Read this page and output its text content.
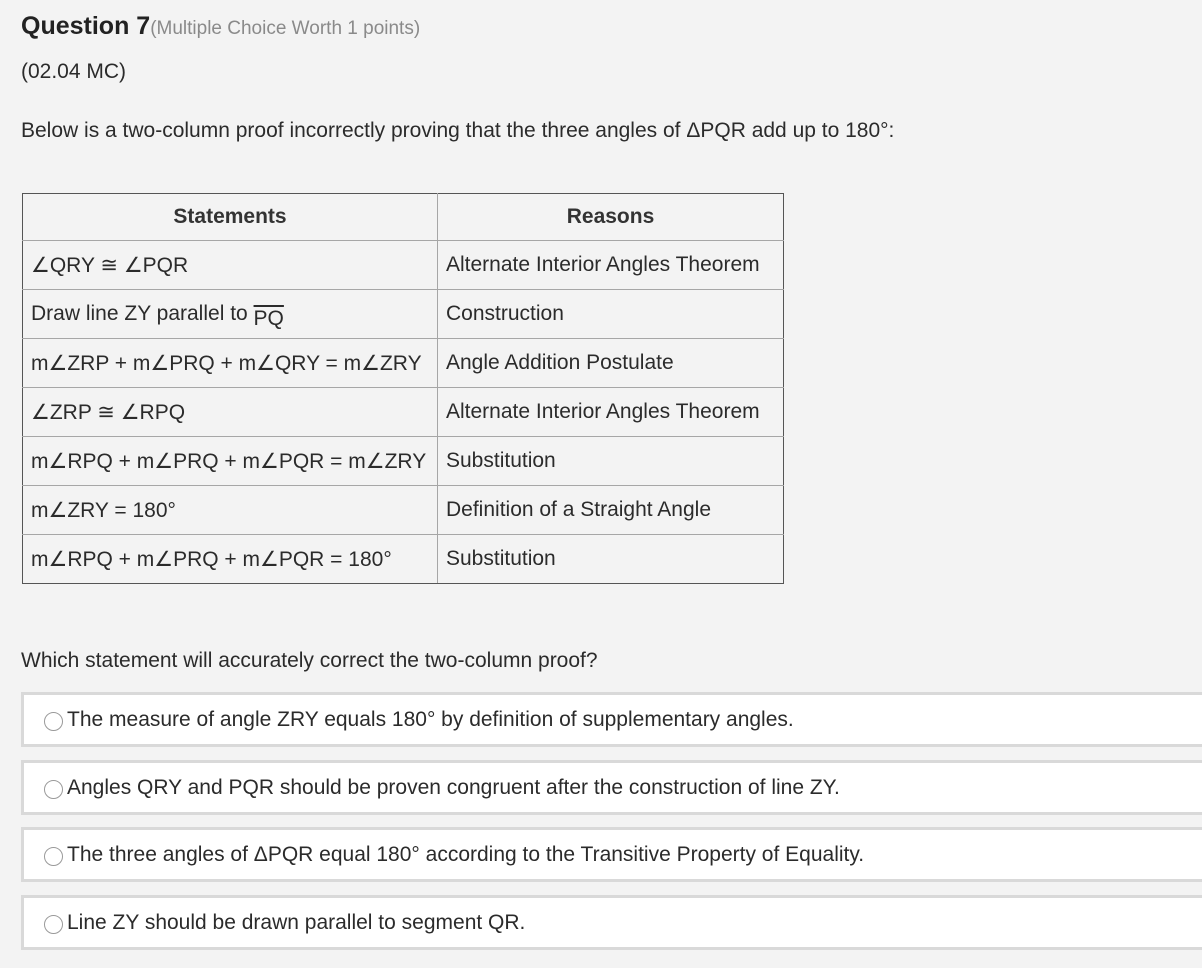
Question 7(Multiple Choice Worth 1 points)
(02.04 MC)
Below is a two-column proof incorrectly proving that the three angles of ΔPQR add up to 180°:
Statements	Reasons
∠QRY ≅ ∠PQR	Alternate Interior Angles Theorem
Draw line ZY parallel to $\overline{PQ}$	Construction
m∠ZRP + m∠PRQ + m∠QRY = m∠ZRY	Angle Addition Postulate
∠ZRP ≅ ∠RPQ	Alternate Interior Angles Theorem
m∠RPQ + m∠PRQ + m∠PQR = m∠ZRY	Substitution
m∠ZRY = 180°	Definition of a Straight Angle
m∠RPQ + m∠PRQ + m∠PQR = 180°	Substitution
Which statement will accurately correct the two-column proof?
The measure of angle ZRY equals 180° by definition of supplementary angles.
Angles QRY and PQR should be proven congruent after the construction of line ZY.
The three angles of ΔPQR equal 180° according to the Transitive Property of Equality.
Line ZY should be drawn parallel to segment QR.
